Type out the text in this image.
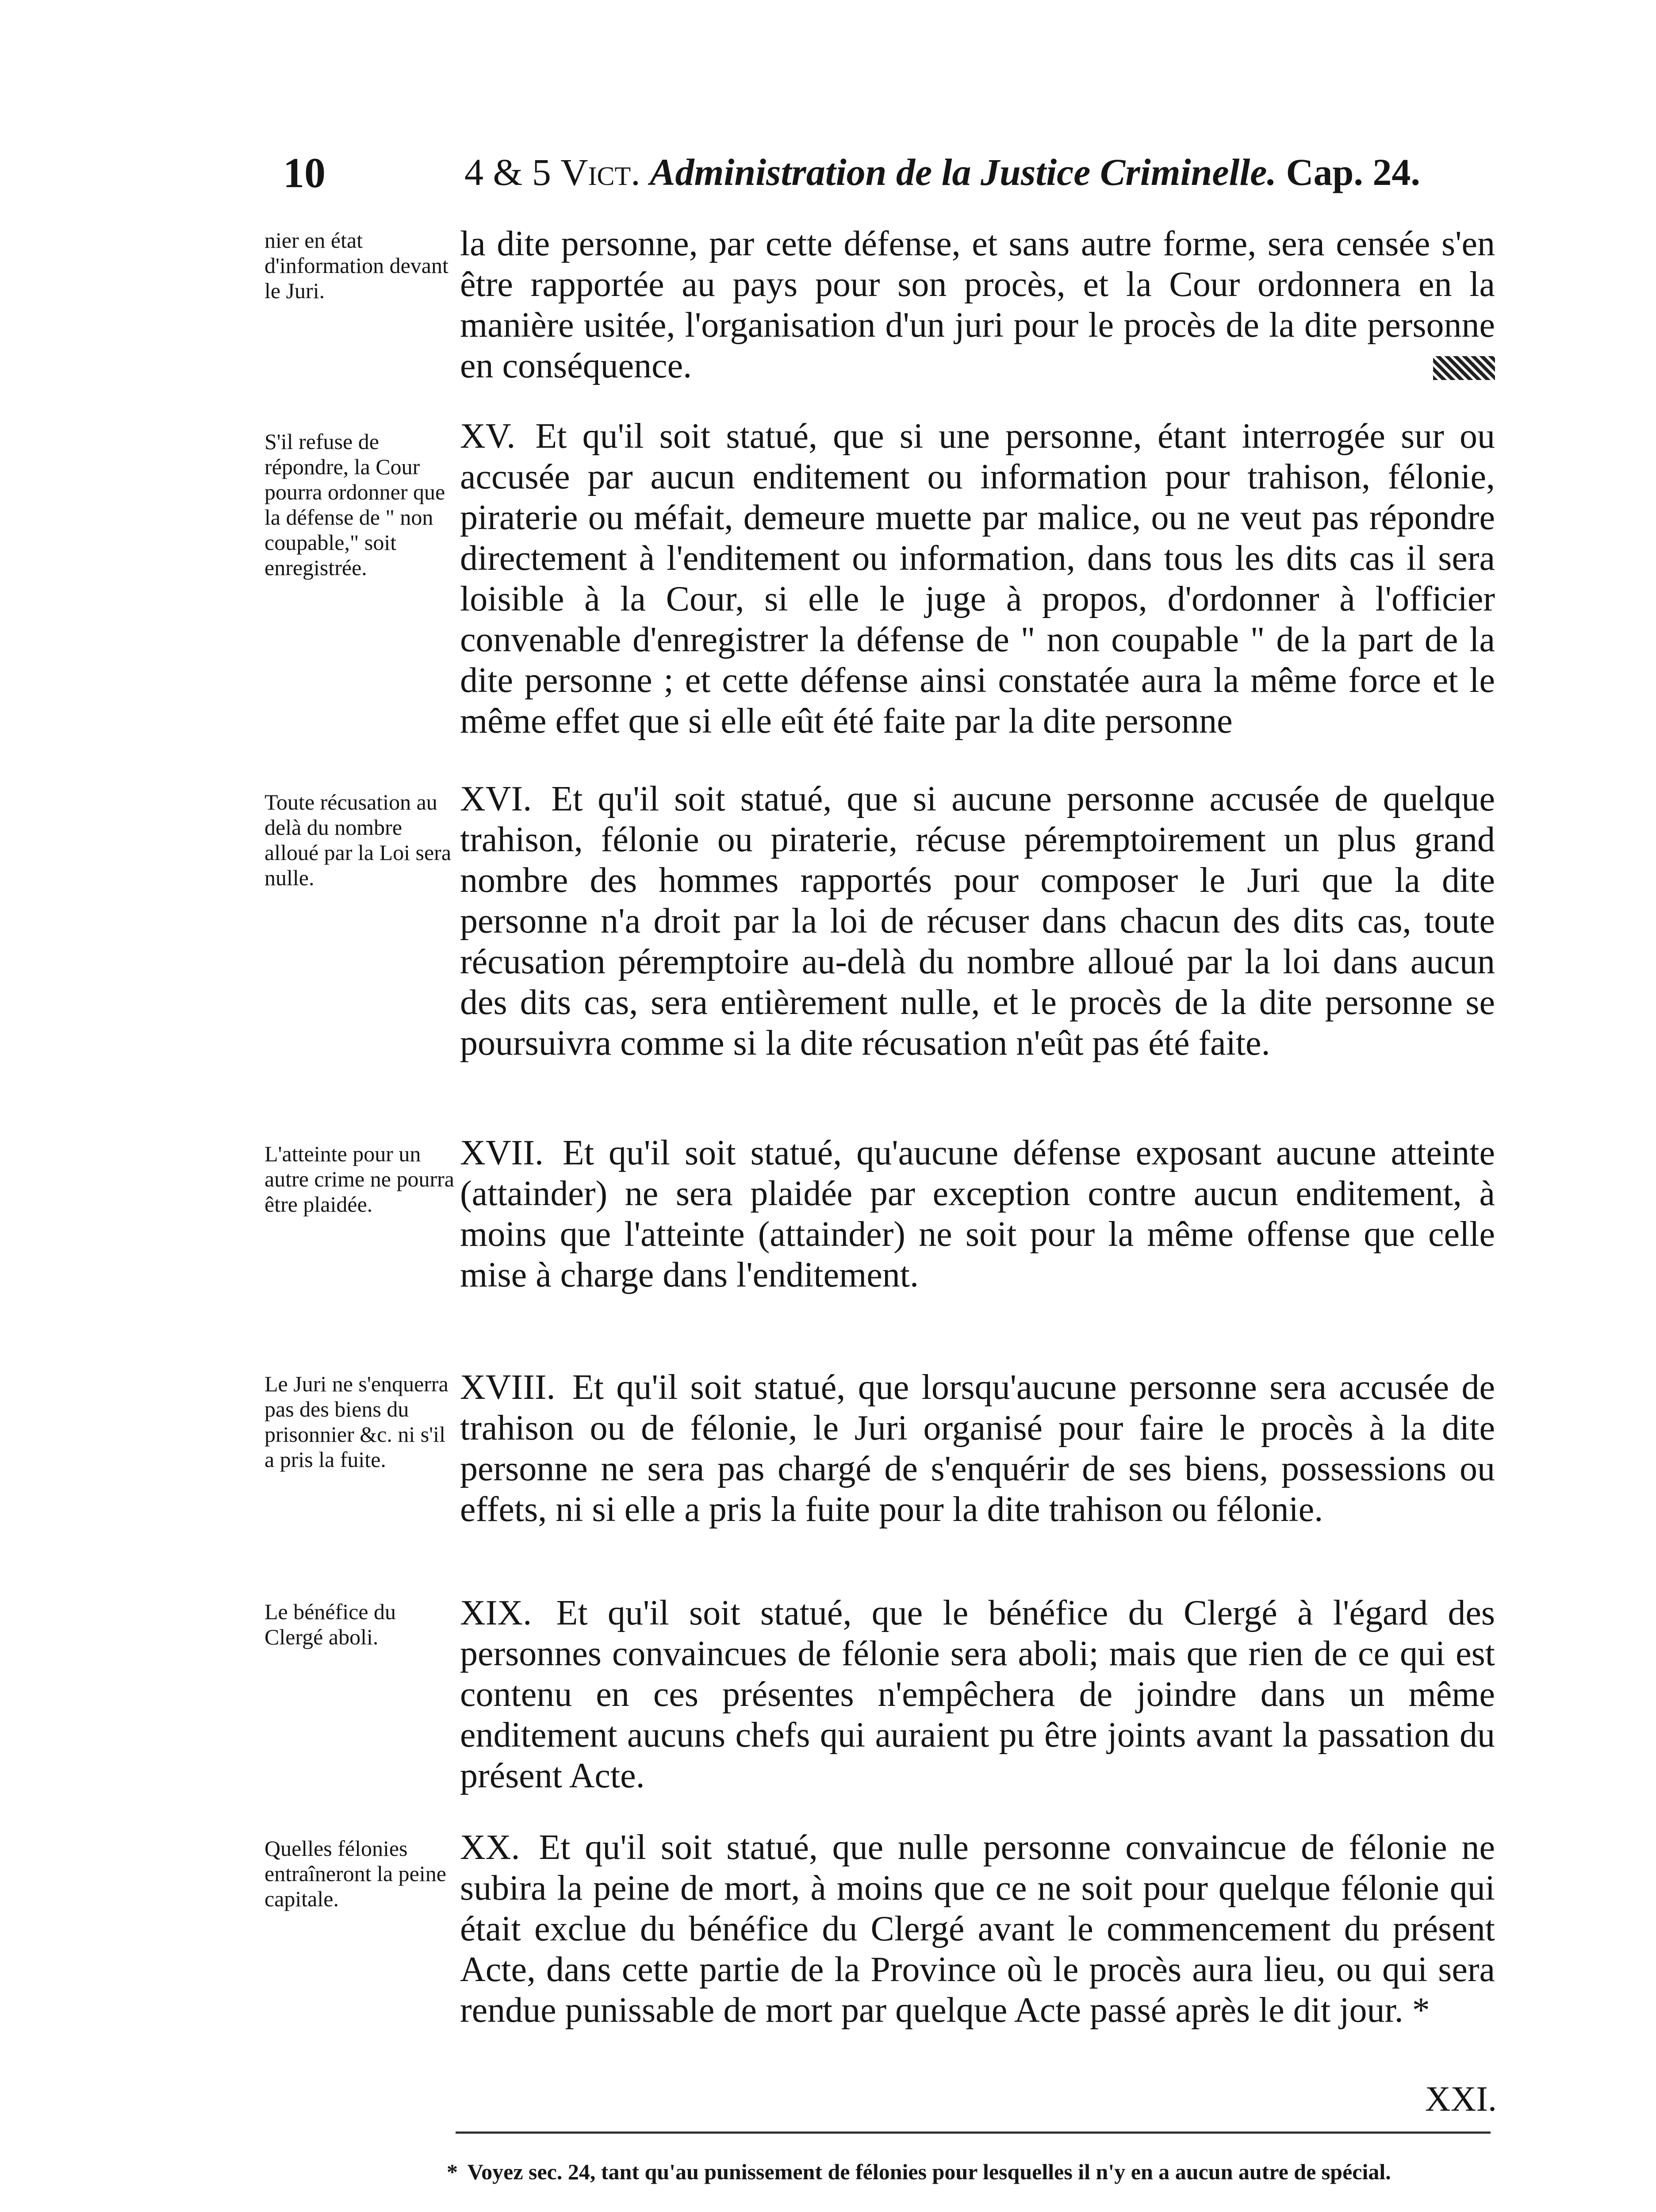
10	4 & 5 Vict. Administration de la Justice Criminelle. Cap. 24.
nier en état d'information devant le Juri.
la dite personne, par cette défense, et sans autre forme, sera censée s'en être rapportée au pays pour son procès, et la Cour ordonnera en la manière usitée, l'organisation d'un juri pour le procès de la dite personne en conséquence.
S'il refuse de répondre, la Cour pourra ordonner que la défense de " non coupable," soit enregistrée.
XV. Et qu'il soit statué, que si une personne, étant interrogée sur ou accusée par aucun enditement ou information pour trahison, félonie, piraterie ou méfait, demeure muette par malice, ou ne veut pas répondre directement à l'enditement ou information, dans tous les dits cas il sera loisible à la Cour, si elle le juge à propos, d'ordonner à l'officier convenable d'enregistrer la défense de " non coupable " de la part de la dite personne ; et cette défense ainsi constatée aura la même force et le même effet que si elle eût été faite par la dite personne
Toute récusation au delà du nombre alloué par la Loi sera nulle.
XVI. Et qu'il soit statué, que si aucune personne accusée de quelque trahison, félonie ou piraterie, récuse péremptoirement un plus grand nombre des hommes rapportés pour composer le Juri que la dite personne n'a droit par la loi de récuser dans chacun des dits cas, toute récusation péremptoire au-delà du nombre alloué par la loi dans aucun des dits cas, sera entièrement nulle, et le procès de la dite personne se poursuivra comme si la dite récusation n'eût pas été faite.
L'atteinte pour un autre crime ne pourra être plaidée.
XVII. Et qu'il soit statué, qu'aucune défense exposant aucune atteinte (attainder) ne sera plaidée par exception contre aucun enditement, à moins que l'atteinte (attainder) ne soit pour la même offense que celle mise à charge dans l'enditement.
Le Juri ne s'enquerra pas des biens du prisonnier &c. ni s'il a pris la fuite.
XVIII. Et qu'il soit statué, que lorsqu'aucune personne sera accusée de trahison ou de félonie, le Juri organisé pour faire le procès à la dite personne ne sera pas chargé de s'enquérir de ses biens, possessions ou effets, ni si elle a pris la fuite pour la dite trahison ou félonie.
Le bénéfice du Clergé aboli.
XIX. Et qu'il soit statué, que le bénéfice du Clergé à l'égard des personnes convaincues de félonie sera aboli; mais que rien de ce qui est contenu en ces présentes n'empêchera de joindre dans un même enditement aucuns chefs qui auraient pu être joints avant la passation du présent Acte.
Quelles félonies entraîneront la peine capitale.
XX. Et qu'il soit statué, que nulle personne convaincue de félonie ne subira la peine de mort, à moins que ce ne soit pour quelque félonie qui était exclue du bénéfice du Clergé avant le commencement du présent Acte, dans cette partie de la Province où le procès aura lieu, ou qui sera rendue punissable de mort par quelque Acte passé après le dit jour. *
XXI.
* Voyez sec. 24, tant qu'au punissement de félonies pour lesquelles il n'y en a aucun autre de spécial.
